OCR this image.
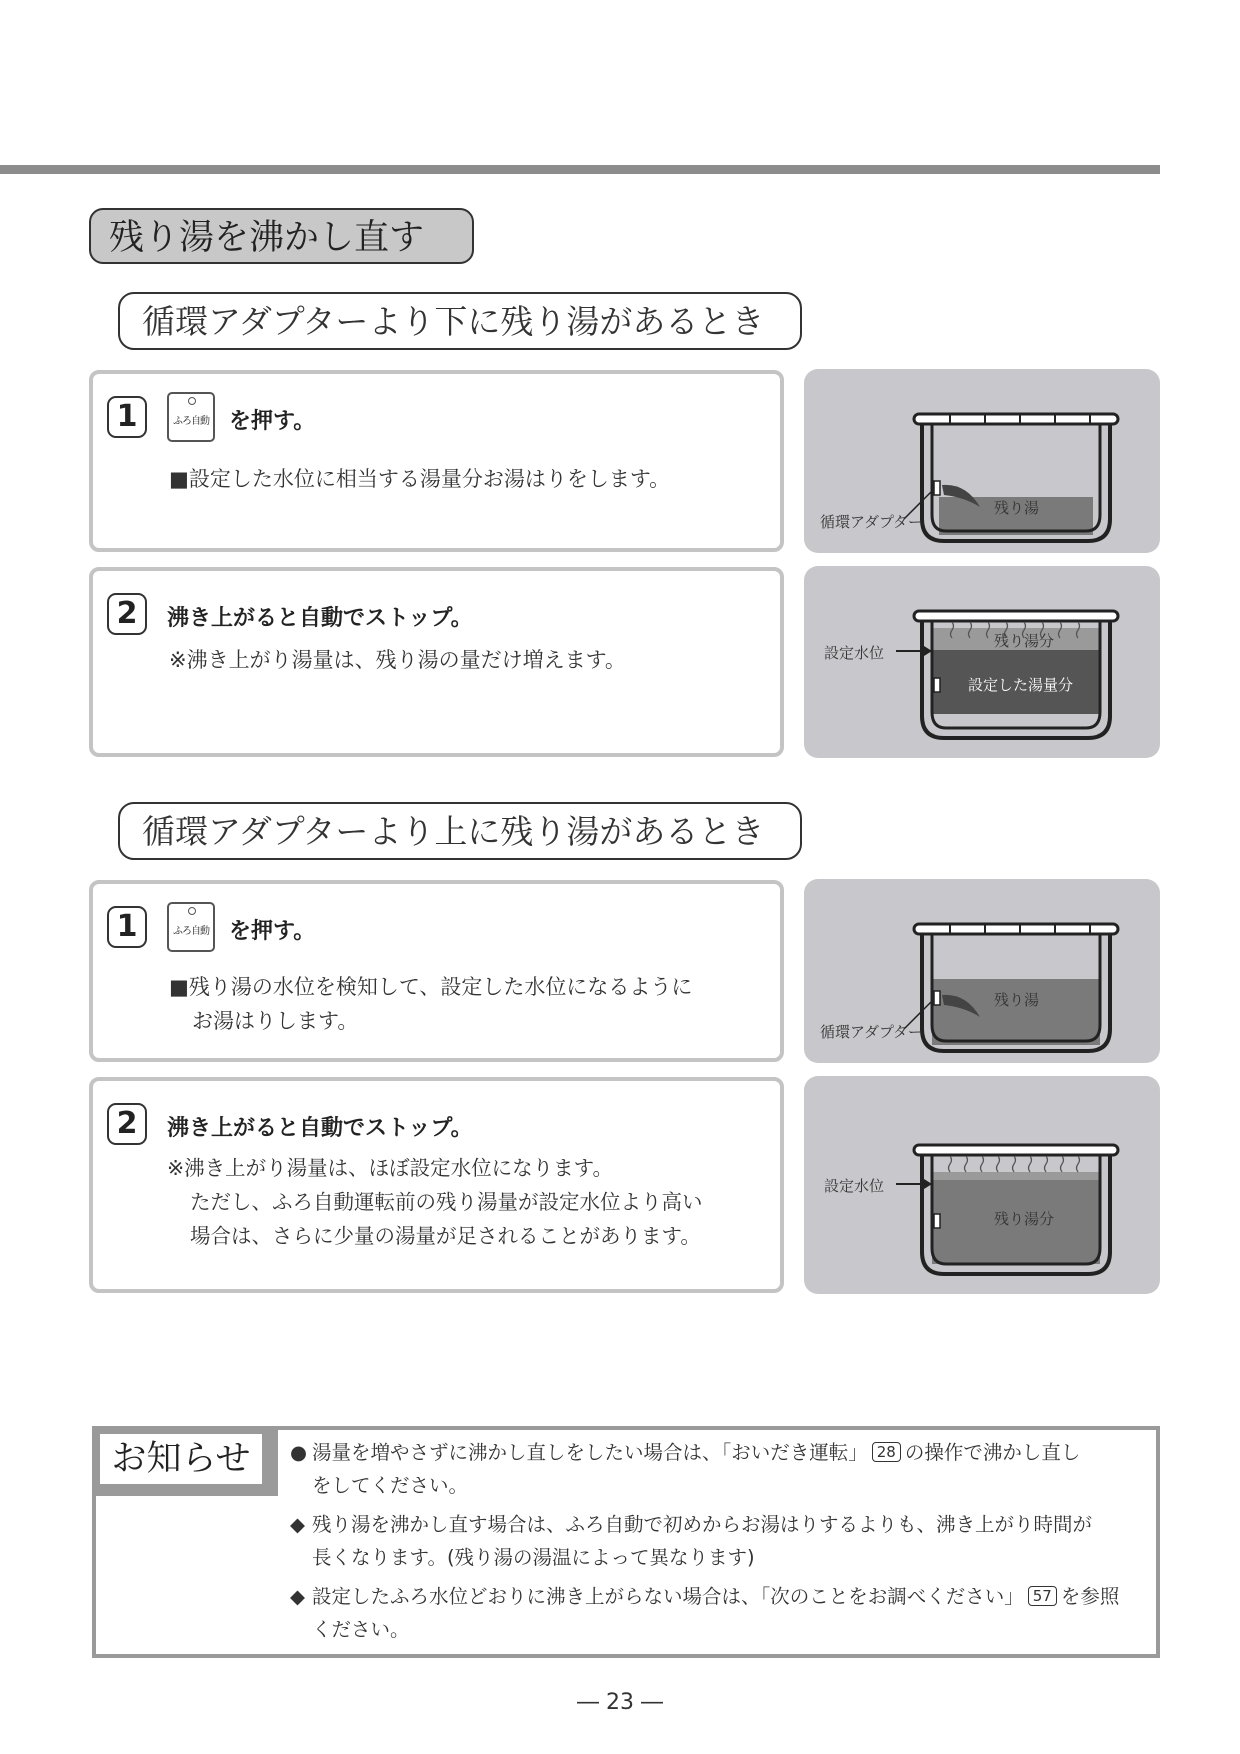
残り湯を沸かし直す
循環アダプターより下に残り湯があるとき
1	ふろ自動 を押す。
■設定した水位に相当する湯量分お湯はりをします。
循環アダプター
残り湯
2	沸き上がると自動でストップ。
※沸き上がり湯量は、残り湯の量だけ増えます。	設定水位
残り湯分
設定した湯量分
循環アダプターより上に残り湯があるとき
1	ふろ自動 を押す。
■残り湯の水位を検知して、設定した水位になるように
お湯はりします。	循環アダプター
残り湯
2	沸き上がると自動でストップ。
※沸き上がり湯量は、ほぼ設定水位になります。
ただし、ふろ自動運転前の残り湯量が設定水位より高い
場合は、さらに少量の湯量が足されることがあります。
設定水位
残り湯分
お知らせ	● 湯量を増やさずに沸かし直しをしたい場合は、「おいだき運転」 28 の操作で沸かし直し
をしてください。
◆ 残り湯を沸かし直す場合は、ふろ自動で初めからお湯はりするよりも、沸き上がり時間が
長くなります。(残り湯の湯温によって異なります)
◆ 設定したふろ水位どおりに沸き上がらない場合は、「次のことをお調べください」 57 を参照
ください。
― 23 ―
